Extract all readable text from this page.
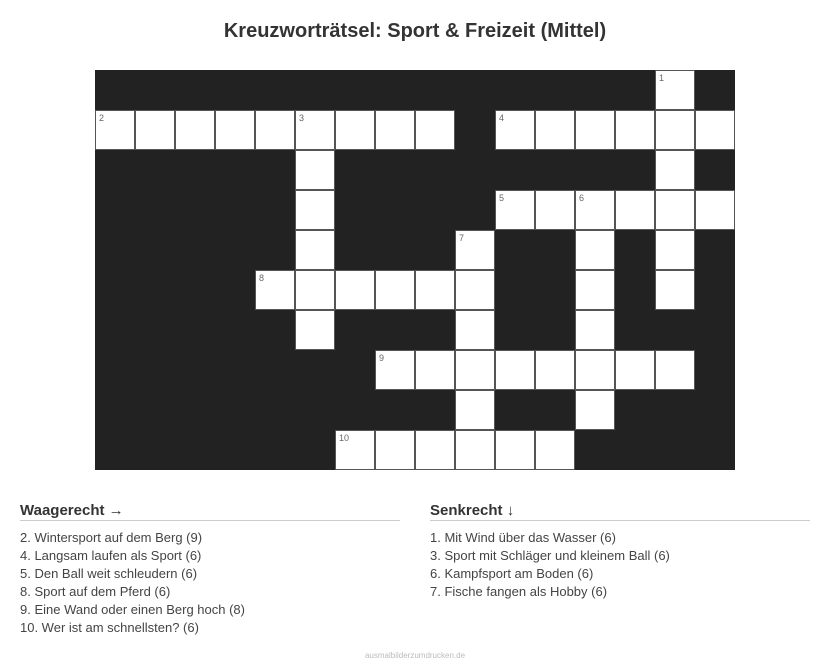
Kreuzworträtsel: Sport & Freizeit (Mittel)
1
2	3	4
5	6
7
8
9
10
Waagerecht →
2. Wintersport auf dem Berg (9)
4. Langsam laufen als Sport (6)
5. Den Ball weit schleudern (6)
8. Sport auf dem Pferd (6)
9. Eine Wand oder einen Berg hoch (8)
10. Wer ist am schnellsten? (6)
Senkrecht ↓
1. Mit Wind über das Wasser (6)
3. Sport mit Schläger und kleinem Ball (6)
6. Kampfsport am Boden (6)
7. Fische fangen als Hobby (6)
ausmalbilderzumdrucken.de
